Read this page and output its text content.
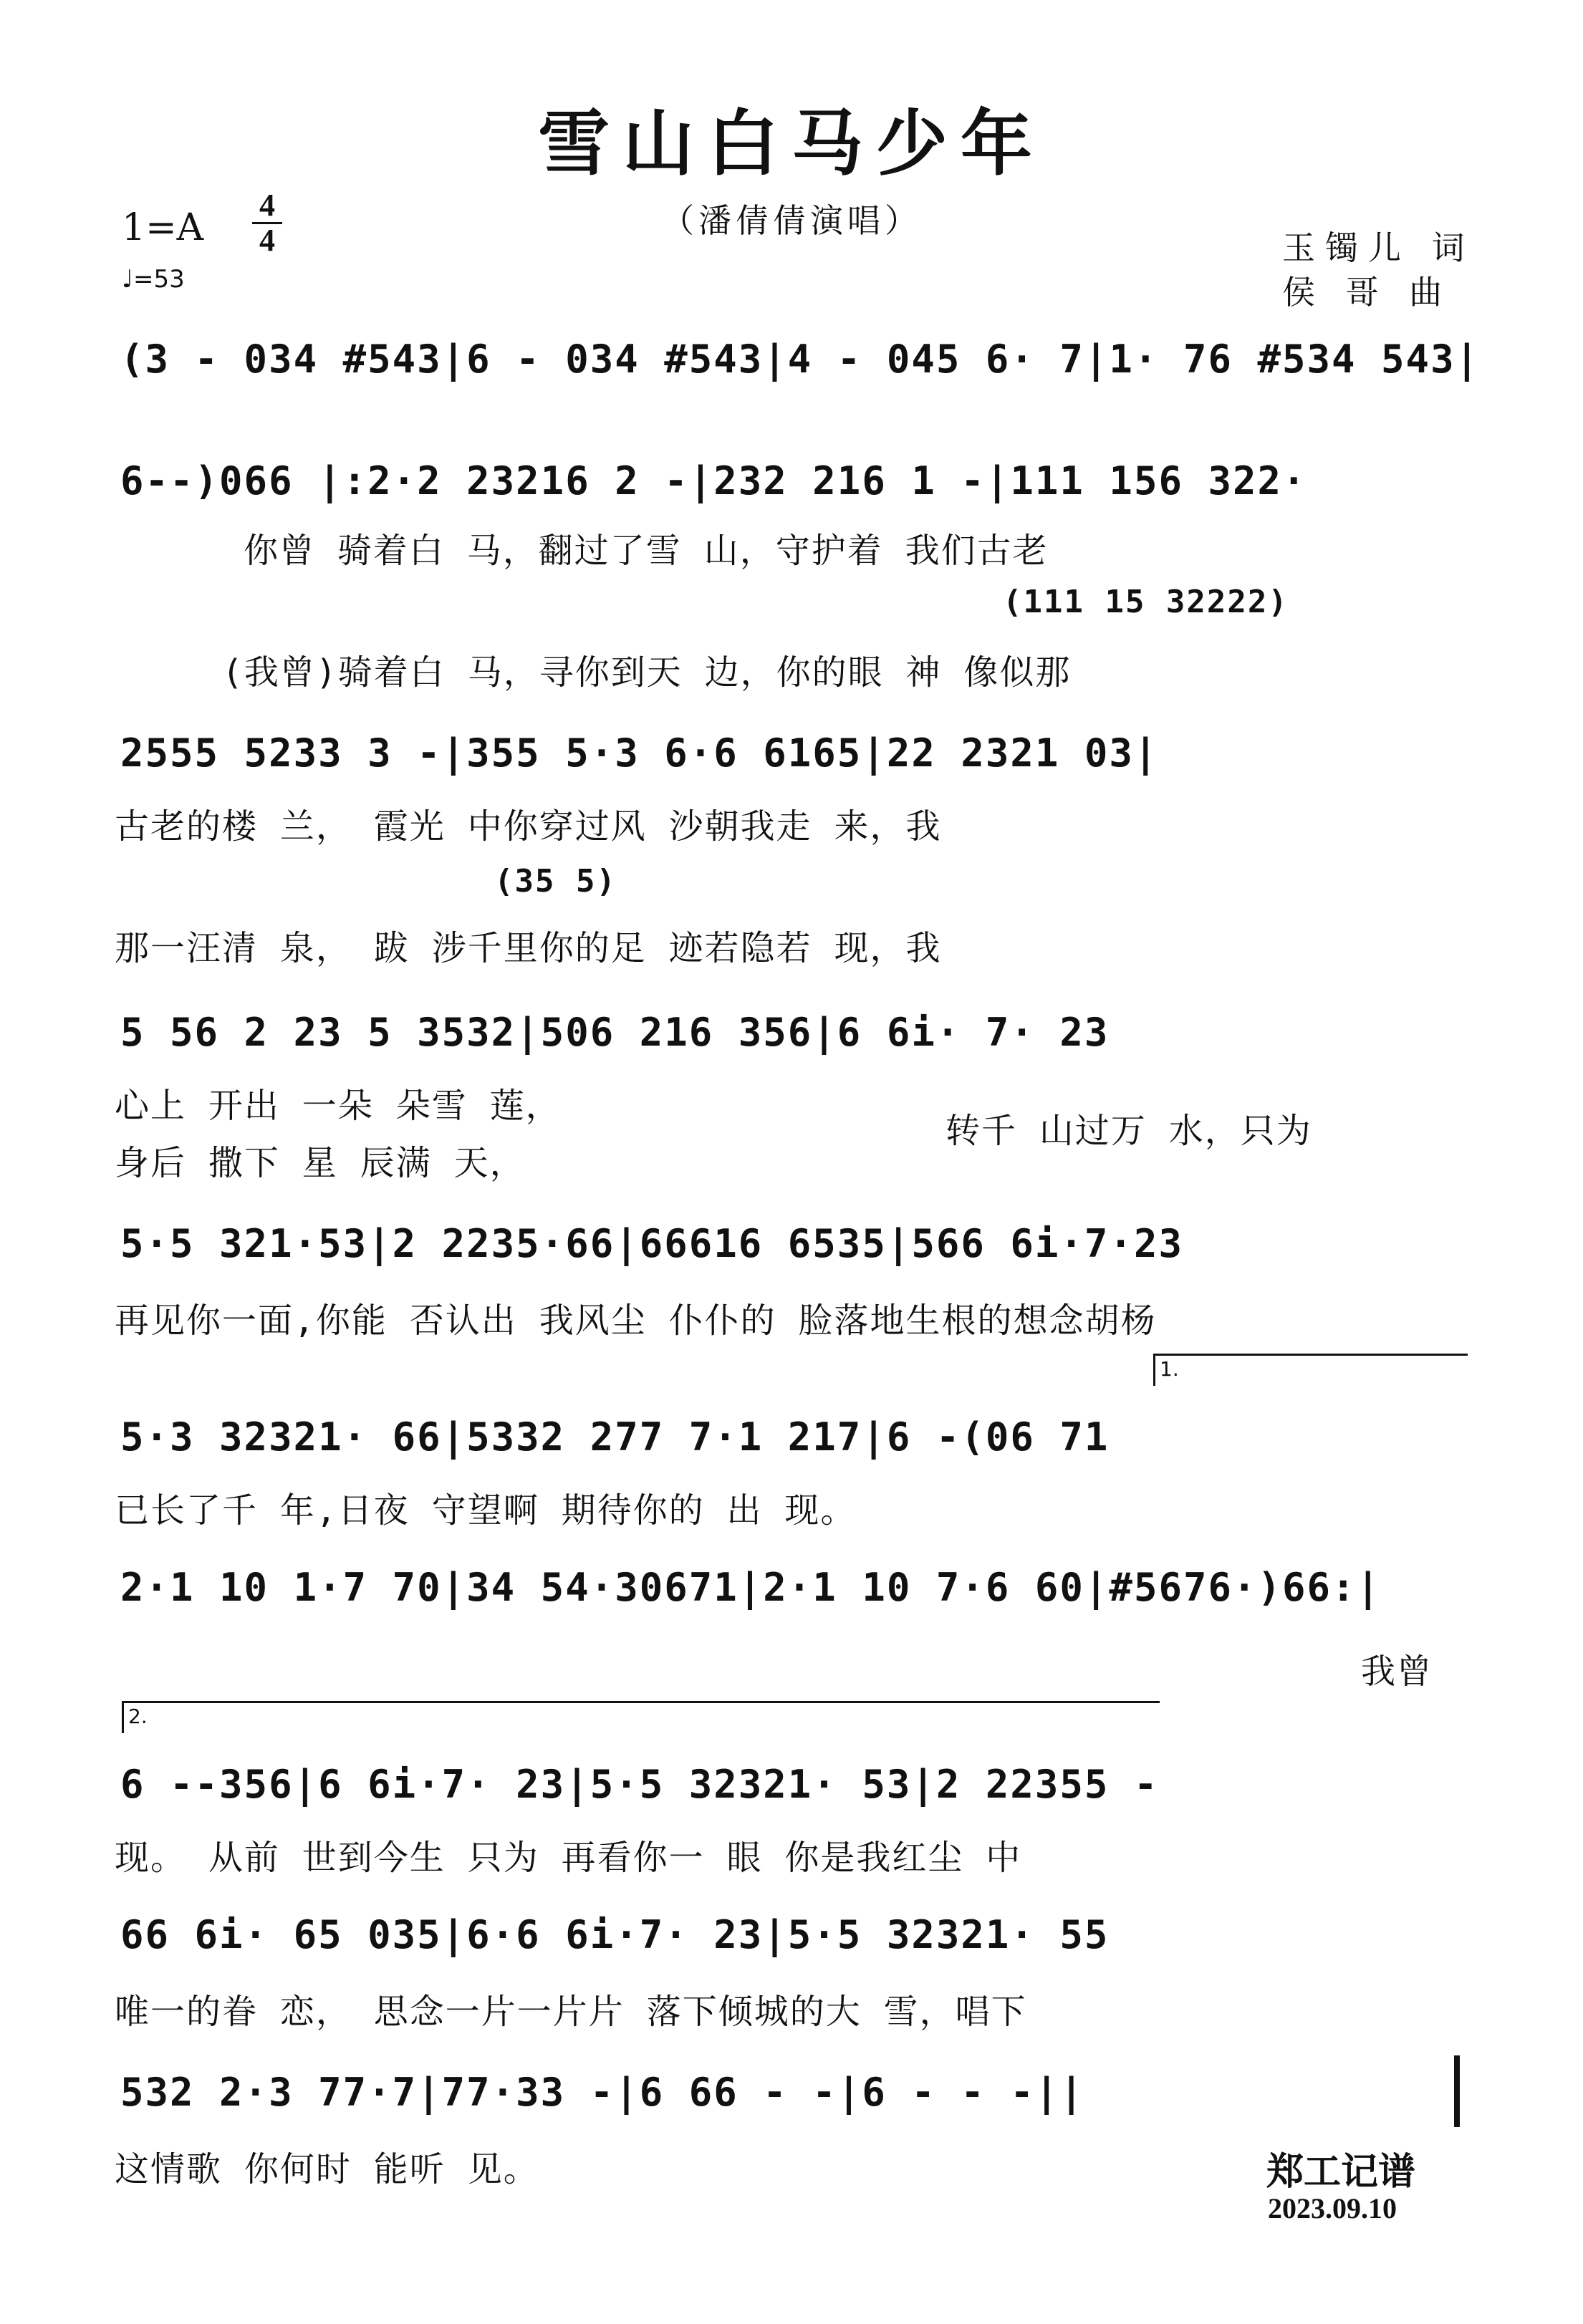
雪山白马少年
（潘倩倩演唱）
$1=A \frac{4}{4}$
♩=53
玉镯儿 词
侯 哥 曲
(3 - 034 #543|6 - 034 #543|4 - 045 6· 7|1· 76 #534 543|
6--)066 |:2·2 23216 2 -|232 216 1 -|111 156 322·
你曾 骑着白 马，翻过了雪 山，守护着 我们古老
(111 15 32222)
(我曾)骑着白 马，寻你到天 边，你的眼 神 像似那
2555 5233 3 -|355 5·3 6·6 6165|22 2321 03|
古老的楼 兰， 霞光 中你穿过风 沙朝我走 来，我
(35 5)
那一汪清 泉， 跋 涉千里你的足 迹若隐若 现，我
5 56 2 23 5 3532|506 216 356|6 6i· 7· 23
心上 开出 一朵 朵雪 莲，
身后 撒下 星 辰满 天，
转千 山过万 水，只为
5·5 321·53|2 2235·66|66616 6535|566 6i·7·23
再见你一面,你能 否认出 我风尘 仆仆的 脸落地生根的想念胡杨
1.
5·3 32321· 66|5332 277 7·1 217|6 -(06 71
已长了千 年,日夜 守望啊 期待你的 出 现。
2·1 10 1·7 70|34 54·30671|2·1 10 7·6 60|#5676·)66:|
我曾
2.
6 --356|6 6i·7· 23|5·5 32321· 53|2 22355 -
现。 从前 世到今生 只为 再看你一 眼 你是我红尘 中
66 6i· 65 035|6·6 6i·7· 23|5·5 32321· 55
唯一的眷 恋， 思念一片一片片 落下倾城的大 雪，唱下
532 2·3 77·7|77·33 -|6 66 - -|6 - - -||
这情歌 你何时 能听 见。	郑工记谱
2023.09.10
